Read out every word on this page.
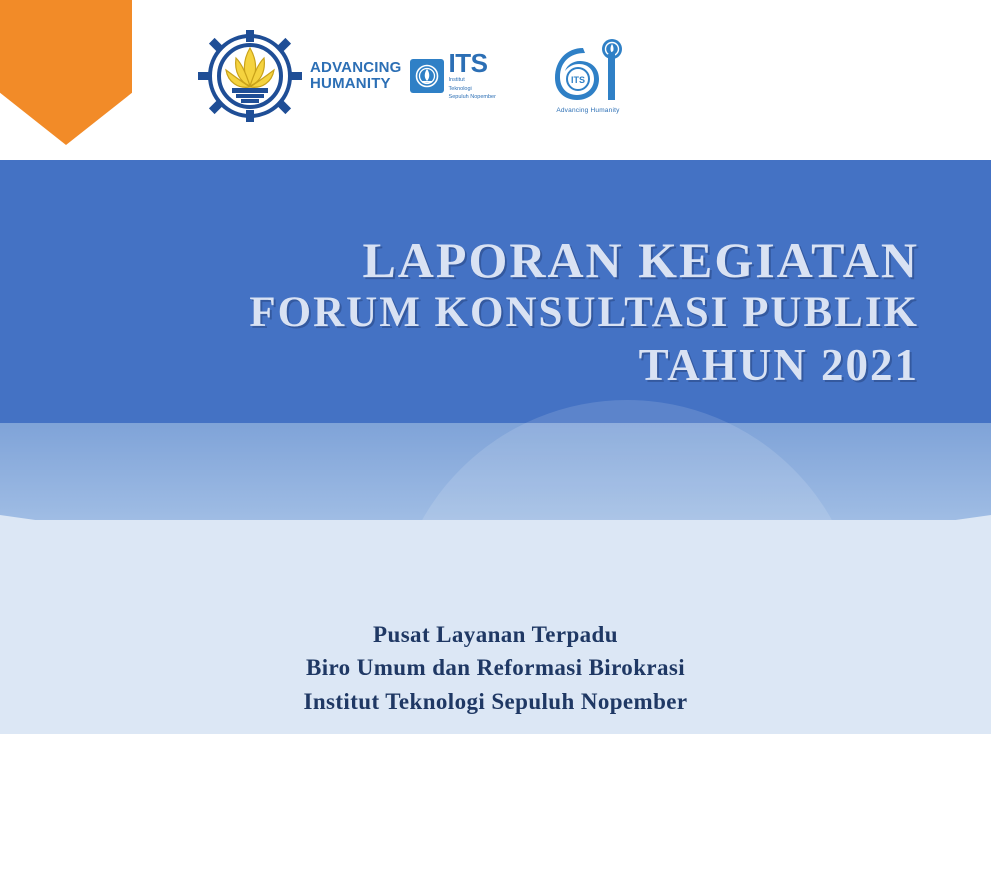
ADVANCING
HUMANITY
ITS
Institut
Teknologi
Sepuluh Nopember
ITS
Advancing Humanity
LAPORAN KEGIATAN
FORUM KONSULTASI PUBLIK
TAHUN 2021
Pusat Layanan Terpadu
Biro Umum dan Reformasi Birokrasi
Institut Teknologi Sepuluh Nopember
